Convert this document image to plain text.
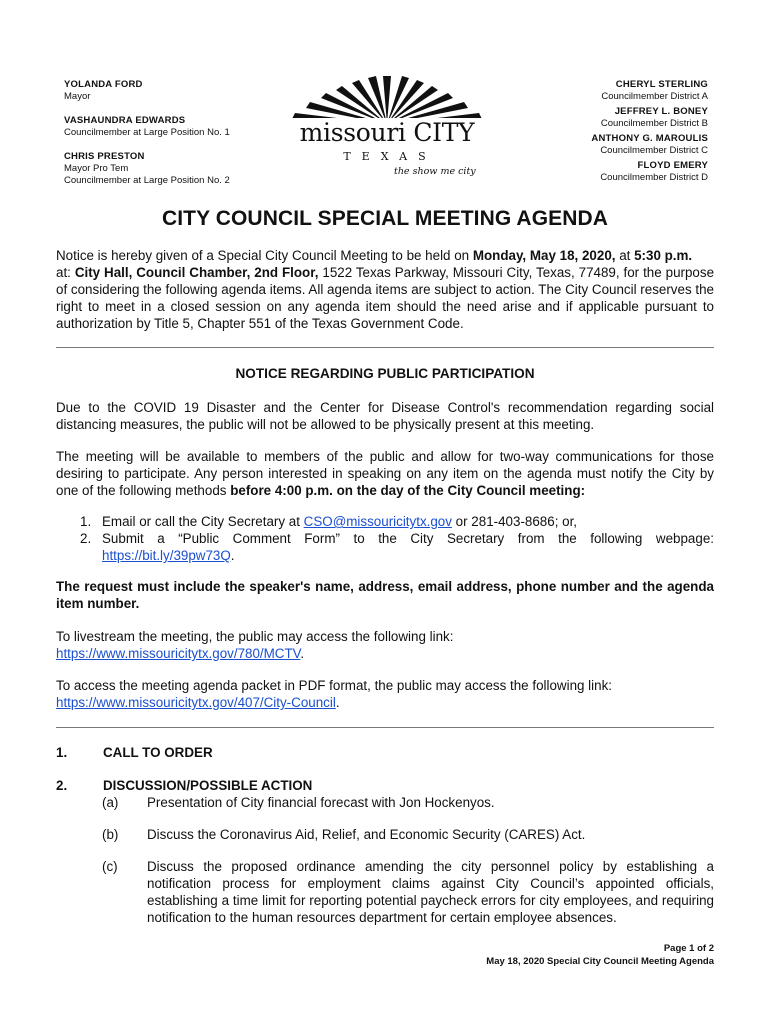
YOLANDA FORD
Mayor
VASHAUNDRA EDWARDS
Councilmember at Large Position No. 1
CHRIS PRESTON
Mayor Pro Tem
Councilmember at Large Position No. 2
missouri CITY
TEXAS
the show me city
CHERYL STERLING
Councilmember District A
JEFFREY L. BONEY
Councilmember District B
ANTHONY G. MAROULIS
Councilmember District C
FLOYD EMERY
Councilmember District D
CITY COUNCIL SPECIAL MEETING AGENDA
Notice is hereby given of a Special City Council Meeting to be held on Monday, May 18, 2020, at 5:30 p.m.
at: City Hall, Council Chamber, 2nd Floor, 1522 Texas Parkway, Missouri City, Texas, 77489, for the purpose of considering the following agenda items. All agenda items are subject to action. The City Council reserves the right to meet in a closed session on any agenda item should the need arise and if applicable pursuant to authorization by Title 5, Chapter 551 of the Texas Government Code.
NOTICE REGARDING PUBLIC PARTICIPATION
Due to the COVID 19 Disaster and the Center for Disease Control's recommendation regarding social distancing measures, the public will not be allowed to be physically present at this meeting.
The meeting will be available to members of the public and allow for two-way communications for those desiring to participate. Any person interested in speaking on any item on the agenda must notify the City by one of the following methods before 4:00 p.m. on the day of the City Council meeting:
1. Email or call the City Secretary at CSO@missouricitytx.gov or 281-403-8686; or,
2. Submit a “Public Comment Form” to the City Secretary from the following webpage: https://bit.ly/39pw73Q.
The request must include the speaker's name, address, email address, phone number and the agenda item number.
To livestream the meeting, the public may access the following link:
https://www.missouricitytx.gov/780/MCTV.
To access the meeting agenda packet in PDF format, the public may access the following link:
https://www.missouricitytx.gov/407/City-Council.
1.	CALL TO ORDER
2.	DISCUSSION/POSSIBLE ACTION
(a) Presentation of City financial forecast with Jon Hockenyos.
(b) Discuss the Coronavirus Aid, Relief, and Economic Security (CARES) Act.
(c) Discuss the proposed ordinance amending the city personnel policy by establishing a notification process for employment claims against City Council’s appointed officials, establishing a time limit for reporting potential paycheck errors for city employees, and requiring notification to the human resources department for certain employee absences.
Page 1 of 2
May 18, 2020 Special City Council Meeting Agenda
